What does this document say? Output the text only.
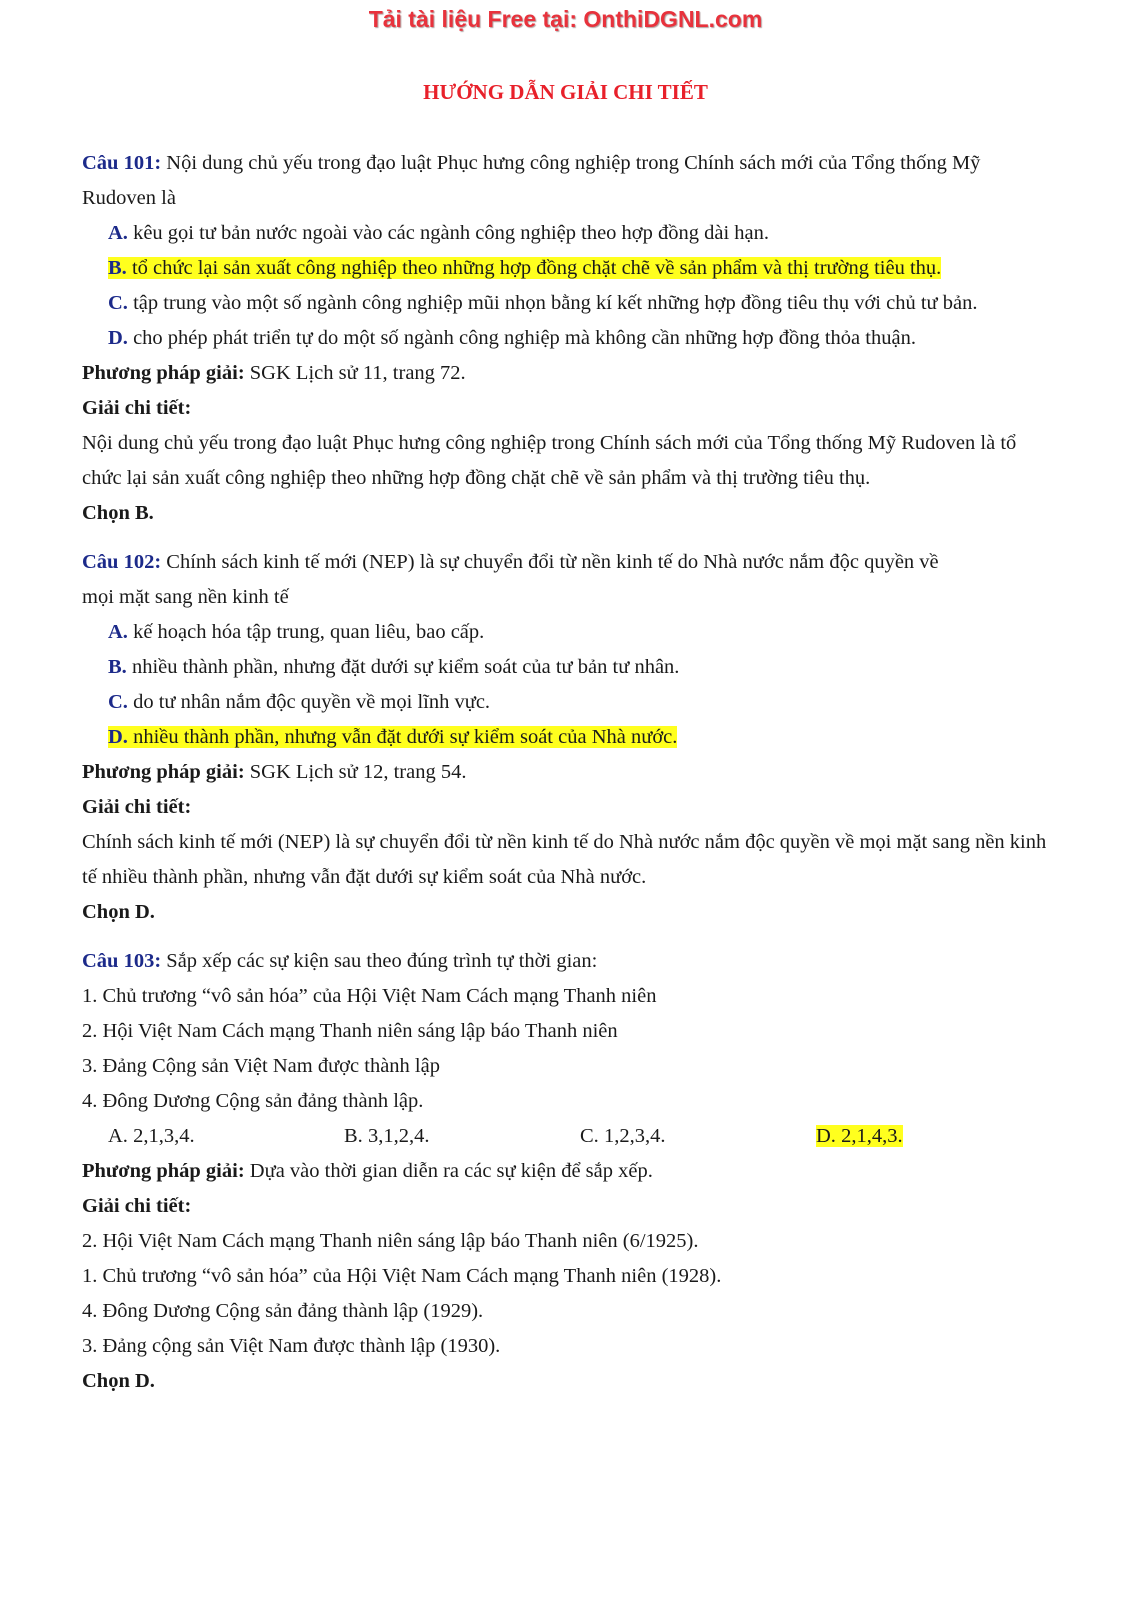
Tải tài liệu Free tại: OnthiDGNL.com
HƯỚNG DẪN GIẢI CHI TIẾT
Câu 101: Nội dung chủ yếu trong đạo luật Phục hưng công nghiệp trong Chính sách mới của Tổng thống Mỹ Rudoven là
A. kêu gọi tư bản nước ngoài vào các ngành công nghiệp theo hợp đồng dài hạn.
B. tổ chức lại sản xuất công nghiệp theo những hợp đồng chặt chẽ về sản phẩm và thị trường tiêu thụ.
C. tập trung vào một số ngành công nghiệp mũi nhọn bằng kí kết những hợp đồng tiêu thụ với chủ tư bản.
D. cho phép phát triển tự do một số ngành công nghiệp mà không cần những hợp đồng thỏa thuận.
Phương pháp giải: SGK Lịch sử 11, trang 72.
Giải chi tiết:
Nội dung chủ yếu trong đạo luật Phục hưng công nghiệp trong Chính sách mới của Tổng thống Mỹ Rudoven là tổ chức lại sản xuất công nghiệp theo những hợp đồng chặt chẽ về sản phẩm và thị trường tiêu thụ.
Chọn B.
Câu 102: Chính sách kinh tế mới (NEP) là sự chuyển đổi từ nền kinh tế do Nhà nước nắm độc quyền về mọi mặt sang nền kinh tế
A. kế hoạch hóa tập trung, quan liêu, bao cấp.
B. nhiều thành phần, nhưng đặt dưới sự kiểm soát của tư bản tư nhân.
C. do tư nhân nắm độc quyền về mọi lĩnh vực.
D. nhiều thành phần, nhưng vẫn đặt dưới sự kiểm soát của Nhà nước.
Phương pháp giải: SGK Lịch sử 12, trang 54.
Giải chi tiết:
Chính sách kinh tế mới (NEP) là sự chuyển đổi từ nền kinh tế do Nhà nước nắm độc quyền về mọi mặt sang nền kinh tế nhiều thành phần, nhưng vẫn đặt dưới sự kiểm soát của Nhà nước.
Chọn D.
Câu 103: Sắp xếp các sự kiện sau theo đúng trình tự thời gian:
1. Chủ trương “vô sản hóa” của Hội Việt Nam Cách mạng Thanh niên
2. Hội Việt Nam Cách mạng Thanh niên sáng lập báo Thanh niên
3. Đảng Cộng sản Việt Nam được thành lập
4. Đông Dương Cộng sản đảng thành lập.
A. 2,1,3,4.	B. 3,1,2,4.	C. 1,2,3,4.	D. 2,1,4,3.
Phương pháp giải: Dựa vào thời gian diễn ra các sự kiện để sắp xếp.
Giải chi tiết:
2. Hội Việt Nam Cách mạng Thanh niên sáng lập báo Thanh niên (6/1925).
1. Chủ trương “vô sản hóa” của Hội Việt Nam Cách mạng Thanh niên (1928).
4. Đông Dương Cộng sản đảng thành lập (1929).
3. Đảng cộng sản Việt Nam được thành lập (1930).
Chọn D.
